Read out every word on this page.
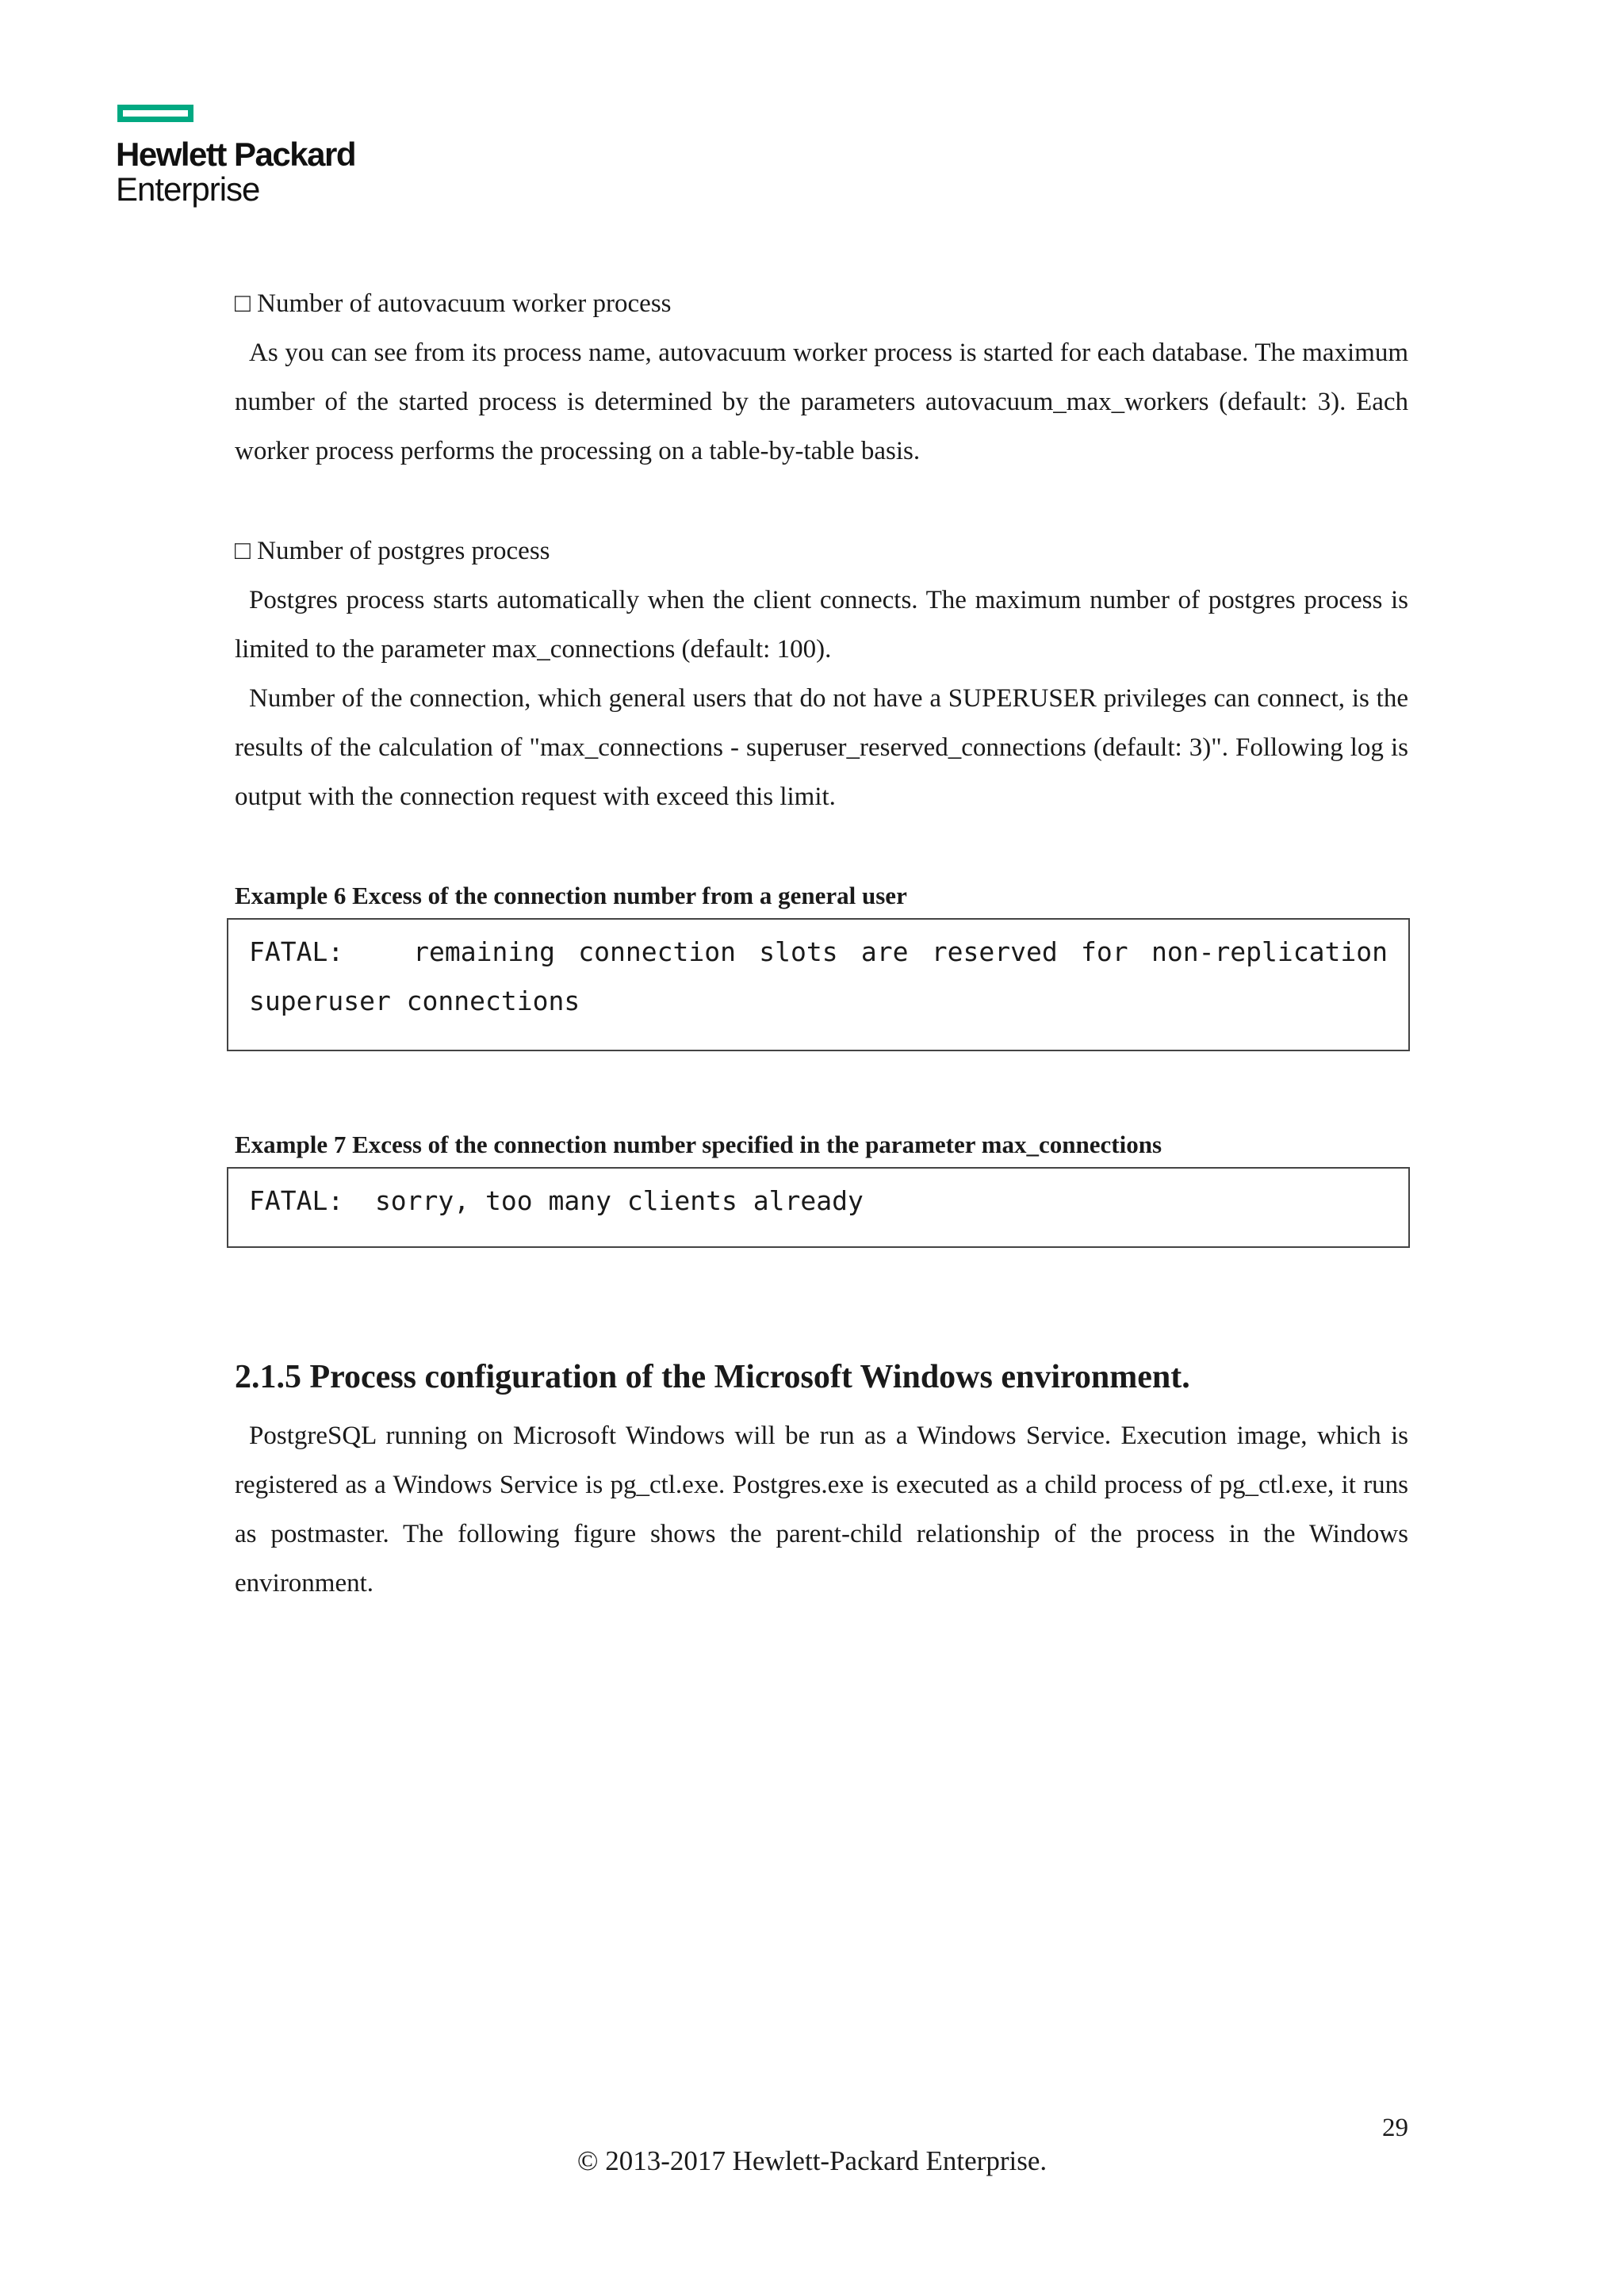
Hewlett Packard
Enterprise

□ Number of autovacuum worker process

As you can see from its process name, autovacuum worker process is started for each database. The maximum number of the started process is determined by the parameters autovacuum_max_workers (default: 3). Each worker process performs the processing on a table-by-table basis.

□ Number of postgres process

Postgres process starts automatically when the client connects. The maximum number of postgres process is limited to the parameter max_connections (default: 100).

Number of the connection, which general users that do not have a SUPERUSER privileges can connect, is the results of the calculation of "max_connections - superuser_reserved_connections (default: 3)". Following log is output with the connection request with exceed this limit.

Example 6 Excess of the connection number from a general user
FATAL:   remaining connection slots are reserved for non-replication superuser connections
Example 7 Excess of the connection number specified in the parameter max_connections
FATAL:  sorry, too many clients already
2.1.5 Process configuration of the Microsoft Windows environment.

PostgreSQL running on Microsoft Windows will be run as a Windows Service. Execution image, which is registered as a Windows Service is pg_ctl.exe. Postgres.exe is executed as a child process of pg_ctl.exe, it runs as postmaster. The following figure shows the parent-child relationship of the process in the Windows environment.

29
© 2013-2017 Hewlett-Packard Enterprise.
